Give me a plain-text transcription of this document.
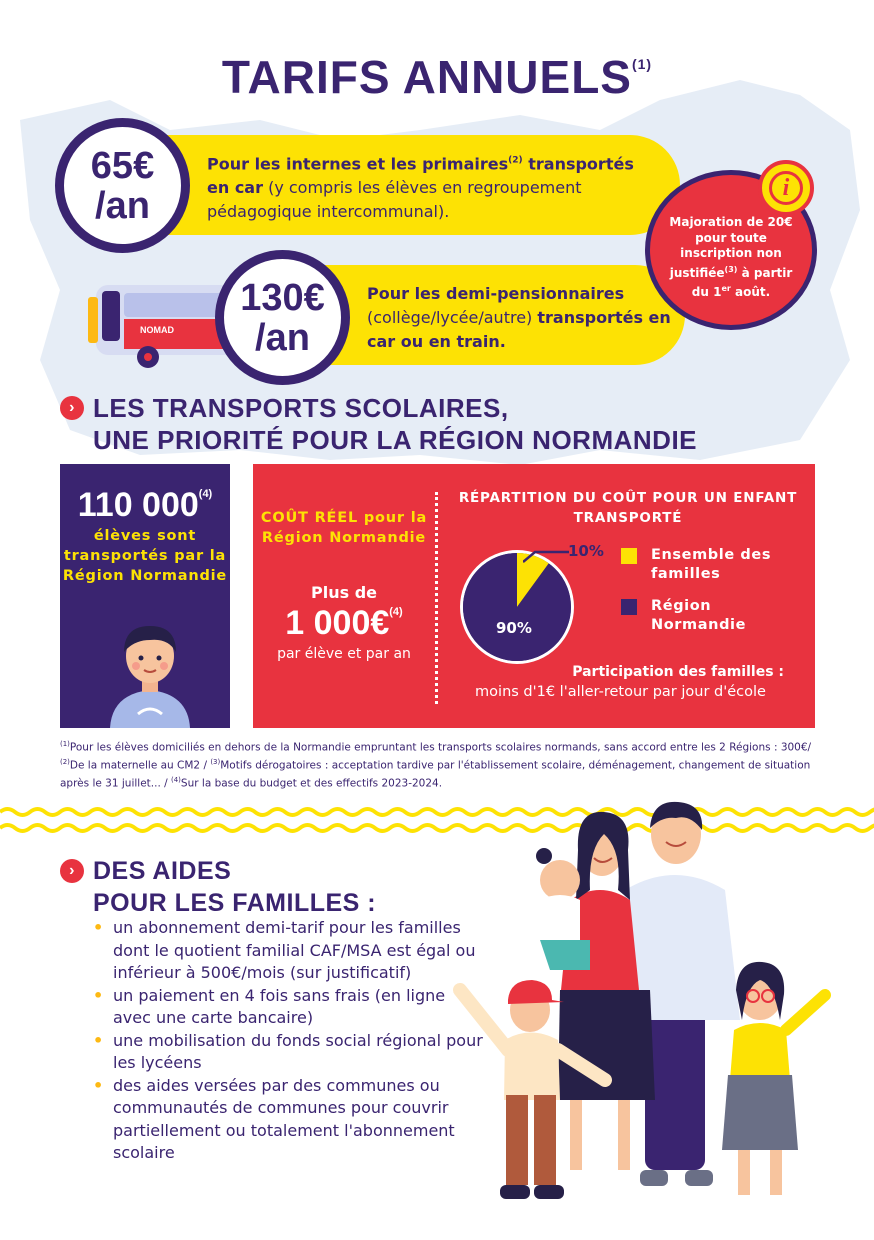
TARIFS ANNUELS$^{(1)}$
Pour les internes et les primaires$^{(2)}$ transportés en car (y compris les élèves en regroupement pédagogique intercommunal).
65€
/an
Pour les demi-pensionnaires (collège/lycée/autre) transportés en car ou en train.
NOMAD
130€
/an
Majoration de 20€ pour toute inscription non justifiée$^{(3)}$ à partir du 1er août.
i
› LES TRANSPORTS SCOLAIRES,
UNE PRIORITÉ POUR LA RÉGION NORMANDIE
110 000$^{(4)}$
élèves sont transportés par la Région Normandie
COÛT RÉEL pour la Région Normandie
Plus de
1 000€$^{(4)}$
par élève et par an
RÉPARTITION DU COÛT POUR UN ENFANT TRANSPORTÉ
10%
90%
Ensemble des familles
Région Normandie
Participation des familles :
moins d'1€ l'aller-retour par jour d'école
$^{(1)}$Pour les élèves domiciliés en dehors de la Normandie empruntant les transports scolaires normands, sans accord entre les 2 Régions : 300€/ $^{(2)}$De la maternelle au CM2 / $^{(3)}$Motifs dérogatoires : acceptation tardive par l'établissement scolaire, déménagement, changement de situation après le 31 juillet... / $^{(4)}$Sur la base du budget et des effectifs 2023-2024.
› DES AIDES
POUR LES FAMILLES :
• un abonnement demi-tarif pour les familles dont le quotient familial CAF/MSA est égal ou inférieur à 500€/mois (sur justificatif)
• un paiement en 4 fois sans frais (en ligne avec une carte bancaire)
• une mobilisation du fonds social régional pour les lycéens
• des aides versées par des communes ou communautés de communes pour couvrir partiellement ou totalement l'abonnement scolaire
